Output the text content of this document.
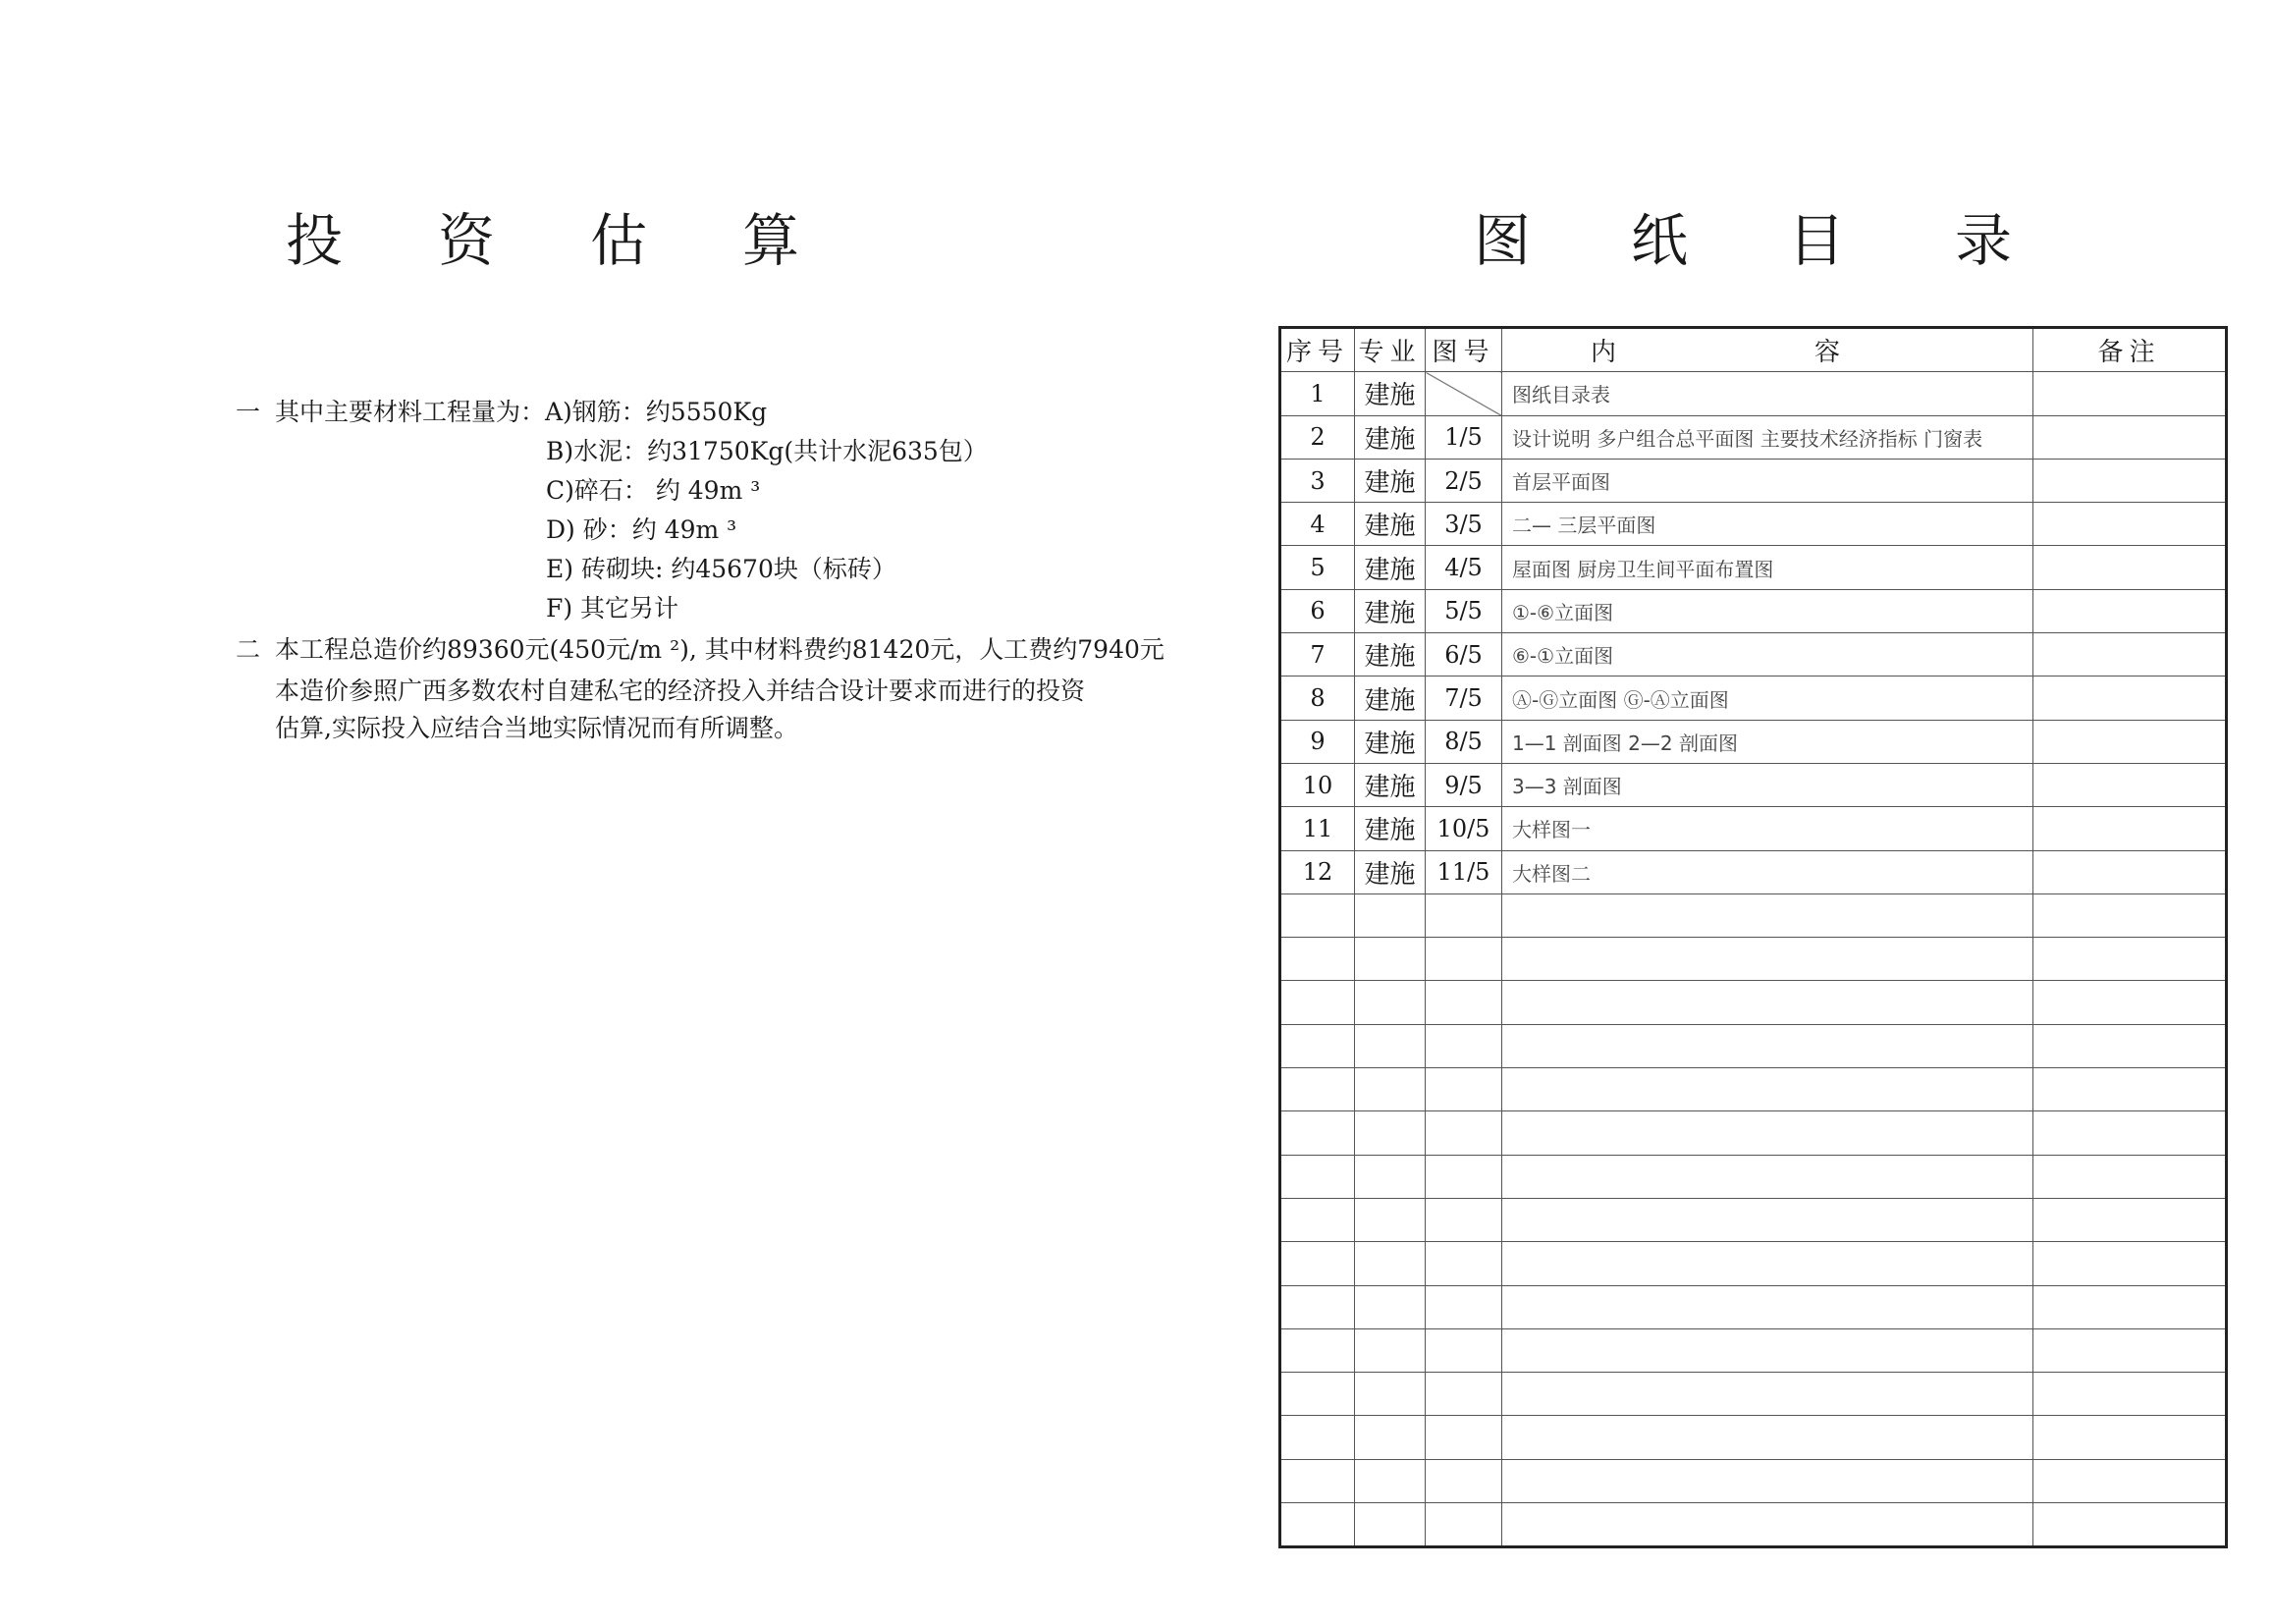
投 资 估 算	图 纸 目 录
一 其中主要材料工程量为：A)钢筋：约5550Kg
B)水泥：约31750Kg(共计水泥635包）
C)碎石： 约 49m ³
D) 砂：约 49m ³
E) 砖砌块: 约45670块（标砖）
F) 其它另计
二 本工程总造价约89360元(450元/m ²), 其中材料费约81420元，人工费约7940元
本造价参照广西多数农村自建私宅的经济投入并结合设计要求而进行的投资
估算,实际投入应结合当地实际情况而有所调整。
序号	专业	图号	内 容	备注
1	建施		图纸目录表	
2	建施	1/5	设计说明 多户组合总平面图 主要技术经济指标 门窗表	
3	建施	2/5	首层平面图	
4	建施	3/5	二— 三层平面图	
5	建施	4/5	屋面图 厨房卫生间平面布置图	
6	建施	5/5	①-⑥立面图	
7	建施	6/5	⑥-①立面图	
8	建施	7/5	Ⓐ-Ⓖ立面图 Ⓖ-Ⓐ立面图	
9	建施	8/5	1—1 剖面图 2—2 剖面图	
10	建施	9/5	3—3 剖面图	
11	建施	10/5	大样图一	
12	建施	11/5	大样图二	
